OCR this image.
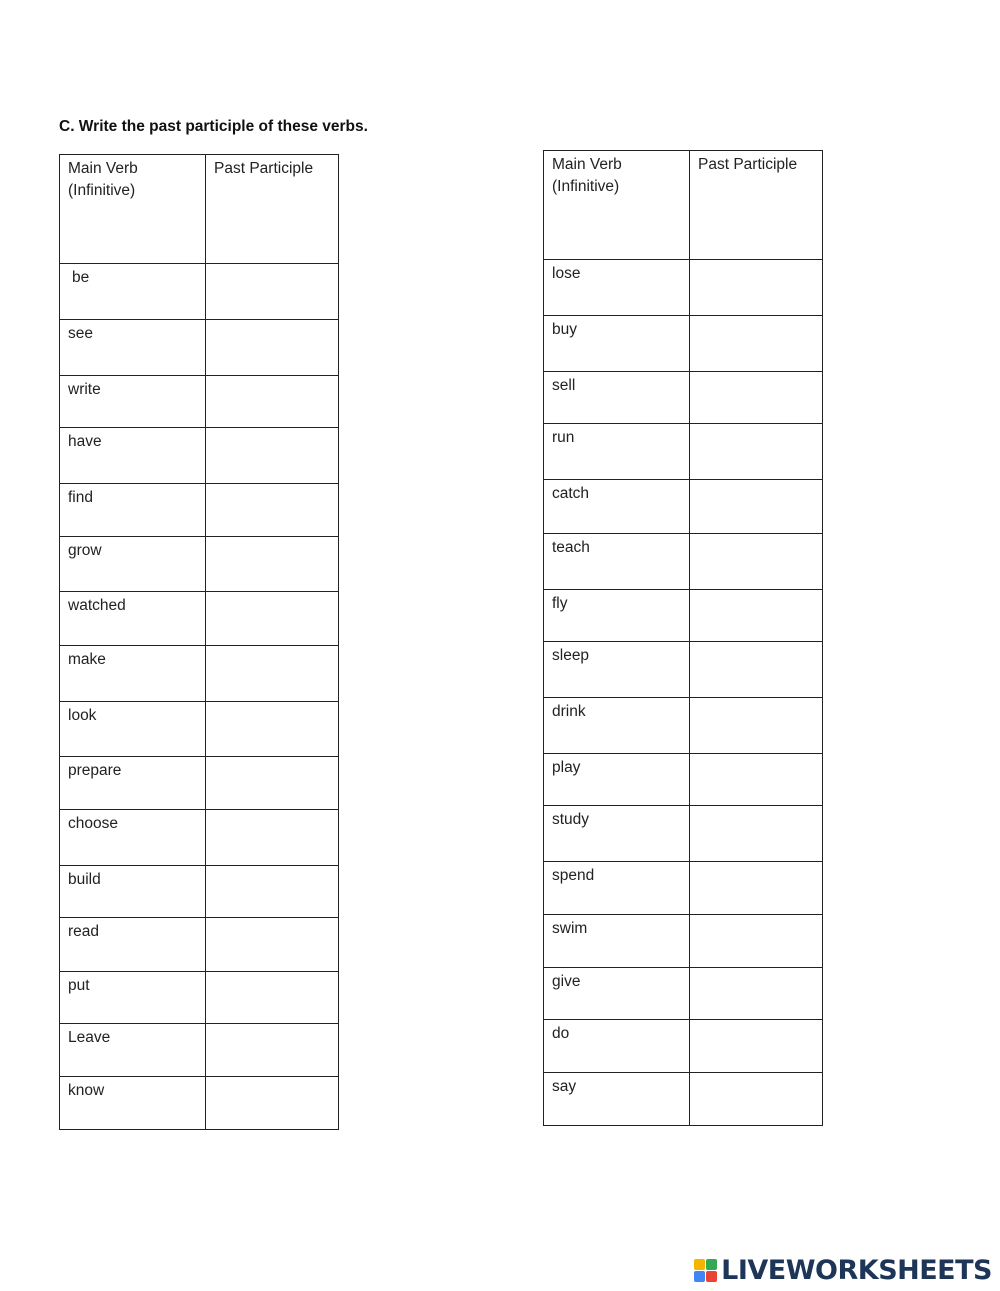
C. Write the past participle of these verbs.
Main Verb
(Infinitive)	Past Participle
be	
see	
write	
have	
find	
grow	
watched	
make	
look	
prepare	
choose	
build	
read	
put	
Leave	
know	
Main Verb
(Infinitive)	Past Participle
lose	
buy	
sell	
run	
catch	
teach	
fly	
sleep	
drink	
play	
study	
spend	
swim	
give	
do	
say	
LIVEWORKSHEETS
